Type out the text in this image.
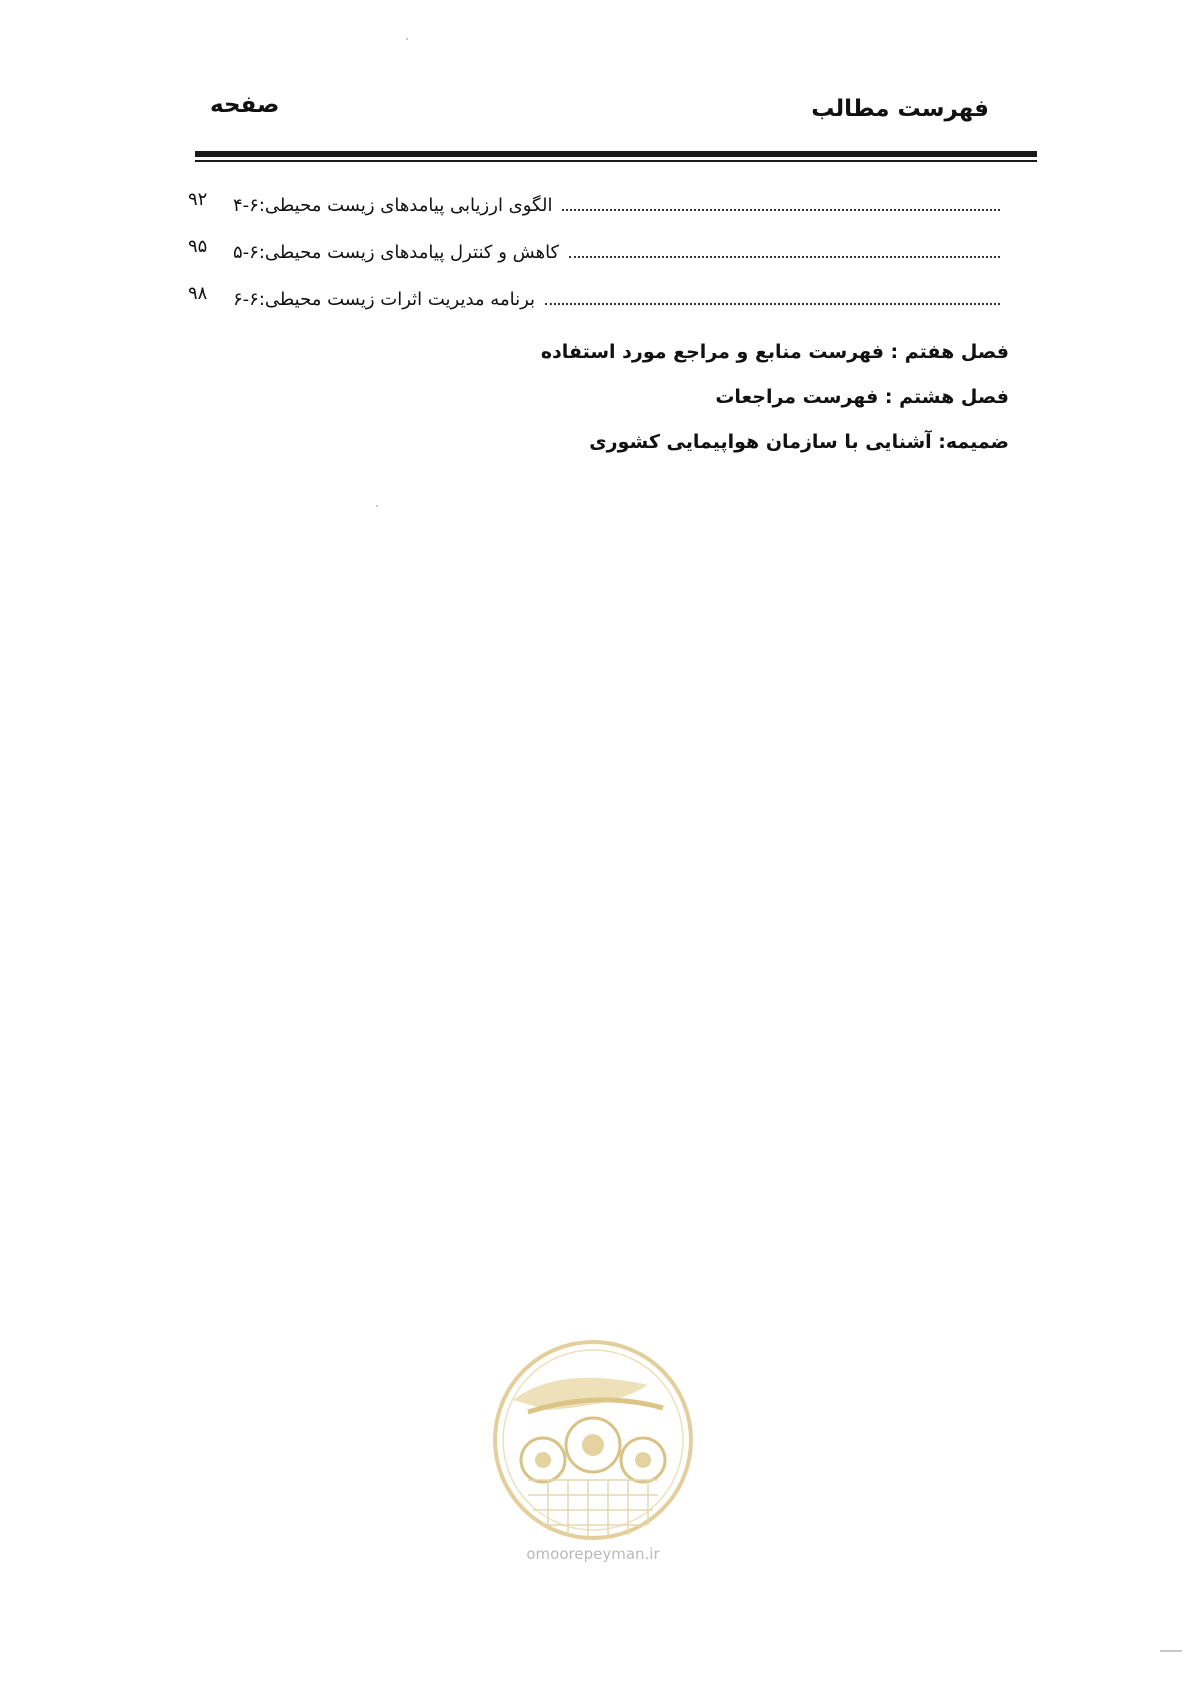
فهرست مطالب
صفحه
۴-۶: الگوی ارزیابی پیامدهای زیست محیطی
۹۲
۵-۶: کاهش و کنترل پیامدهای زیست محیطی
۹۵
۶-۶: برنامه مدیریت اثرات زیست محیطی
۹۸
فصل هفتم : فهرست منابع و مراجع مورد استفاده
فصل هشتم : فهرست مراجعات
ضمیمه: آشنایی با سازمان هواپیمایی کشوری
omoorepeyman.ir
